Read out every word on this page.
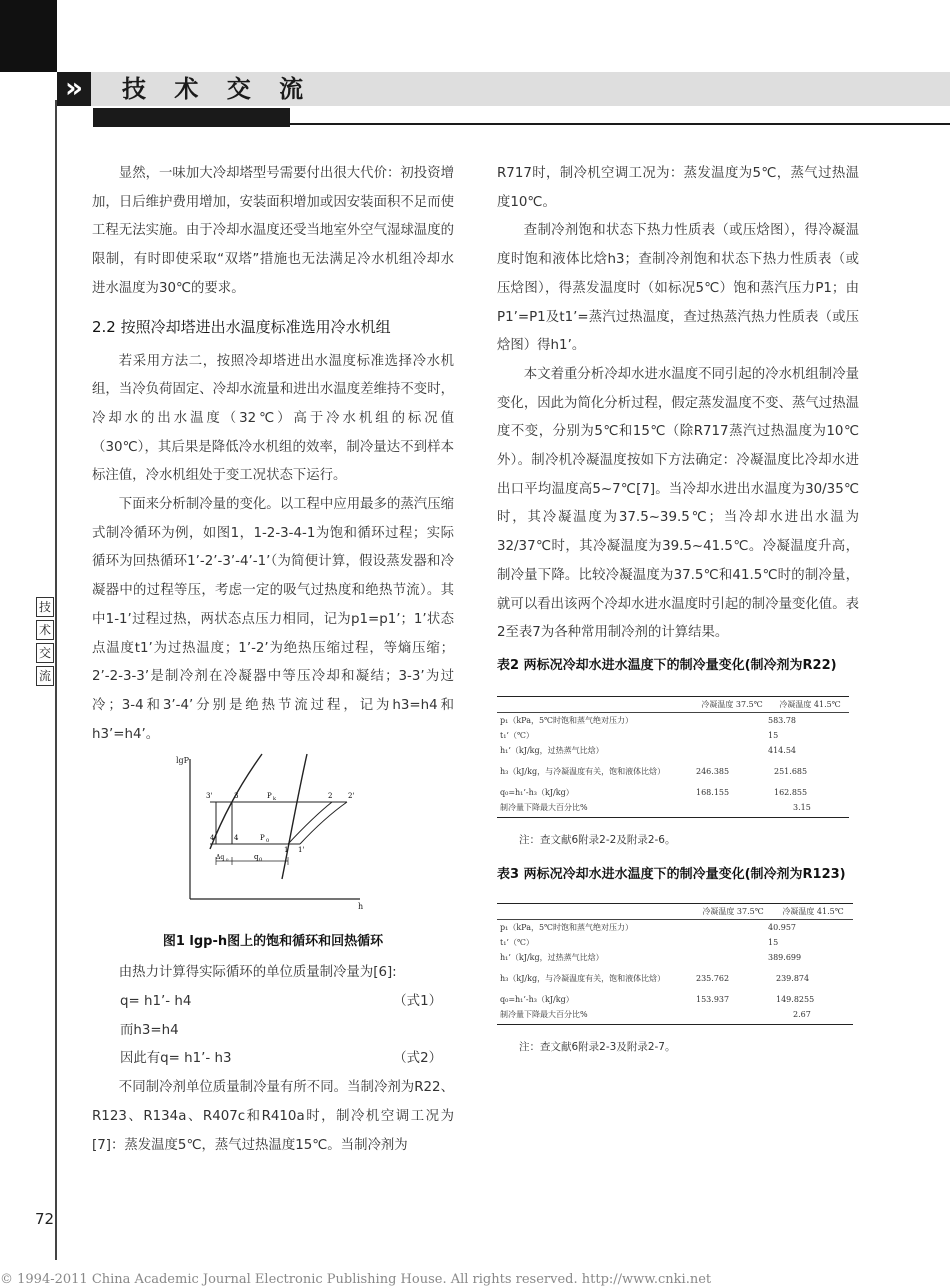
»	技 术 交 流
技
术
交
流
72

显然，一味加大冷却塔型号需要付出很大代价：初投资增加，日后维护费用增加，安装面积增加或因安装面积不足而使工程无法实施。由于冷却水温度还受当地室外空气湿球温度的限制，有时即使采取“双塔”措施也无法满足冷水机组冷却水进水温度为30℃的要求。

2.2 按照冷却塔进出水温度标准选用冷水机组

若采用方法二，按照冷却塔进出水温度标准选择冷水机组，当冷负荷固定、冷却水流量和进出水温度差维持不变时，冷却水的出水温度（32℃）高于冷水机组的标况值（30℃），其后果是降低冷水机组的效率，制冷量达不到样本标注值，冷水机组处于变工况状态下运行。

下面来分析制冷量的变化。以工程中应用最多的蒸汽压缩式制冷循环为例，如图1，1-2-3-4-1为饱和循环过程；实际循环为回热循环1’-2’-3’-4’-1’（为简便计算，假设蒸发器和冷凝器中的过程等压，考虑一定的吸气过热度和绝热节流）。其中1-1’过程过热，两状态点压力相同，记为p1=p1’；1’状态点温度t1’为过热温度；1’-2’为绝热压缩过程，等熵压缩；2’-2-3-3’是制冷剂在冷凝器中等压冷却和凝结；3-3’为过冷；3-4和3’-4’分别是绝热节流过程，记为h3=h4和h3’=h4’。

lgP
h
3'	3	P k	2 2'
4'	4	P 0
1 1'
Δq 0	q 0
图1 lgp-h图上的饱和循环和回热循环

由热力计算得实际循环的单位质量制冷量为[6]:

q= h1’- h4	（式1）
而h3=h4
因此有q= h1’- h3	（式2）

不同制冷剂单位质量制冷量有所不同。当制冷剂为R22、R123、R134a、R407c和R410a时，制冷机空调工况为[7]：蒸发温度5℃，蒸气过热温度15℃。当制冷剂为

R717时，制冷机空调工况为：蒸发温度为5℃，蒸气过热温度10℃。

查制冷剂饱和状态下热力性质表（或压焓图），得冷凝温度时饱和液体比焓h3；查制冷剂饱和状态下热力性质表（或压焓图），得蒸发温度时（如标况5℃）饱和蒸汽压力P1；由P1’=P1及t1’=蒸汽过热温度，查过热蒸汽热力性质表（或压焓图）得h1’。

本文着重分析冷却水进水温度不同引起的冷水机组制冷量变化，因此为简化分析过程，假定蒸发温度不变、蒸气过热温度不变，分别为5℃和15℃（除R717蒸汽过热温度为10℃外）。制冷机冷凝温度按如下方法确定：冷凝温度比冷却水进出口平均温度高5~7℃[7]。当冷却水进出水温度为30/35℃时，其冷凝温度为37.5~39.5℃；当冷却水进出水温为32/37℃时，其冷凝温度为39.5~41.5℃。冷凝温度升高，制冷量下降。比较冷凝温度为37.5℃和41.5℃时的制冷量，就可以看出该两个冷却水进水温度时引起的制冷量变化值。表2至表7为各种常用制冷剂的计算结果。

表2 两标况冷却水进水温度下的制冷量变化(制冷剂为R22)

	冷凝温度 37.5℃	冷凝温度 41.5℃
p₁（kPa，5℃时饱和蒸气绝对压力）	583.78	
t₁’（℃）	15	
h₁’（kJ/kg，过热蒸气比焓）	414.54	
h₃（kJ/kg，与冷凝温度有关，饱和液体比焓）	246.385	251.685
q₀=h₁’-h₃（kJ/kg）	168.155	162.855
制冷量下降最大百分比%	3.15	
注：查文献6附录2-2及附录2-6。

表3 两标况冷却水进水温度下的制冷量变化(制冷剂为R123)

	冷凝温度 37.5℃	冷凝温度 41.5℃
p₁（kPa，5℃时饱和蒸气绝对压力）	40.957	
t₁’（℃）	15	
h₁’（kJ/kg，过热蒸气比焓）	389.699	
h₃（kJ/kg，与冷凝温度有关，饱和液体比焓）	235.762	239.874
q₀=h₁’-h₃（kJ/kg）	153.937	149.8255
制冷量下降最大百分比%	2.67	
注：查文献6附录2-3及附录2-7。
© 1994-2011 China Academic Journal Electronic Publishing House. All rights reserved. http://www.cnki.net
